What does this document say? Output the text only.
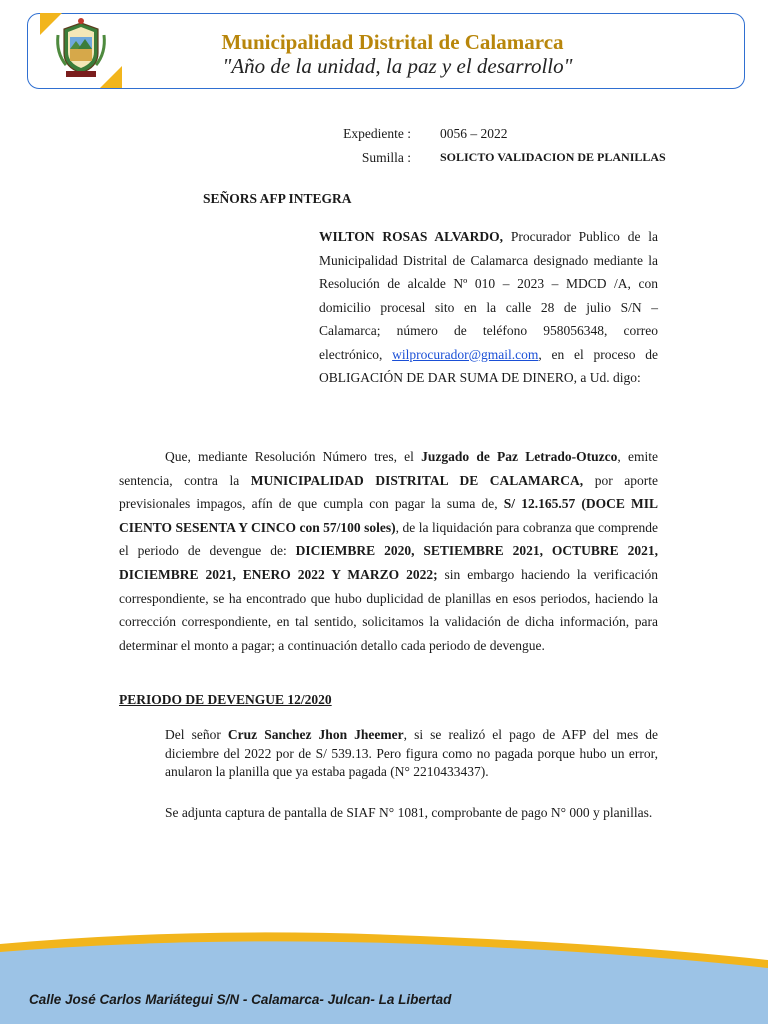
Municipalidad Distrital de Calamarca
"Año de la unidad, la paz y el desarrollo"
Expediente : 0056 – 2022
Sumilla : SOLICTO VALIDACION DE PLANILLAS
SEÑORS AFP INTEGRA
WILTON ROSAS ALVARDO, Procurador Publico de la Municipalidad Distrital de Calamarca designado mediante la Resolución de alcalde Nº 010 – 2023 – MDCD /A, con domicilio procesal sito en la calle 28 de julio S/N – Calamarca; número de teléfono 958056348, correo electrónico, wilprocurador@gmail.com, en el proceso de OBLIGACIÓN DE DAR SUMA DE DINERO, a Ud. digo:
Que, mediante Resolución Número tres, el Juzgado de Paz Letrado-Otuzco, emite sentencia, contra la MUNICIPALIDAD DISTRITAL DE CALAMARCA, por aporte previsionales impagos, afín de que cumpla con pagar la suma de, S/ 12.165.57 (DOCE MIL CIENTO SESENTA Y CINCO con 57/100 soles), de la liquidación para cobranza que comprende el periodo de devengue de: DICIEMBRE 2020, SETIEMBRE 2021, OCTUBRE 2021, DICIEMBRE 2021, ENERO 2022 Y MARZO 2022; sin embargo haciendo la verificación correspondiente, se ha encontrado que hubo duplicidad de planillas en esos periodos, haciendo la corrección correspondiente, en tal sentido, solicitamos la validación de dicha información, para determinar el monto a pagar; a continuación detallo cada periodo de devengue.
PERIODO DE DEVENGUE 12/2020
Del señor Cruz Sanchez Jhon Jheemer, si se realizó el pago de AFP del mes de diciembre del 2022 por de S/ 539.13. Pero figura como no pagada porque hubo un error, anularon la planilla que ya estaba pagada (N° 2210433437).
Se adjunta captura de pantalla de SIAF N° 1081, comprobante de pago N° 000 y planillas.
Calle José Carlos Mariátegui S/N - Calamarca- Julcan- La Libertad
